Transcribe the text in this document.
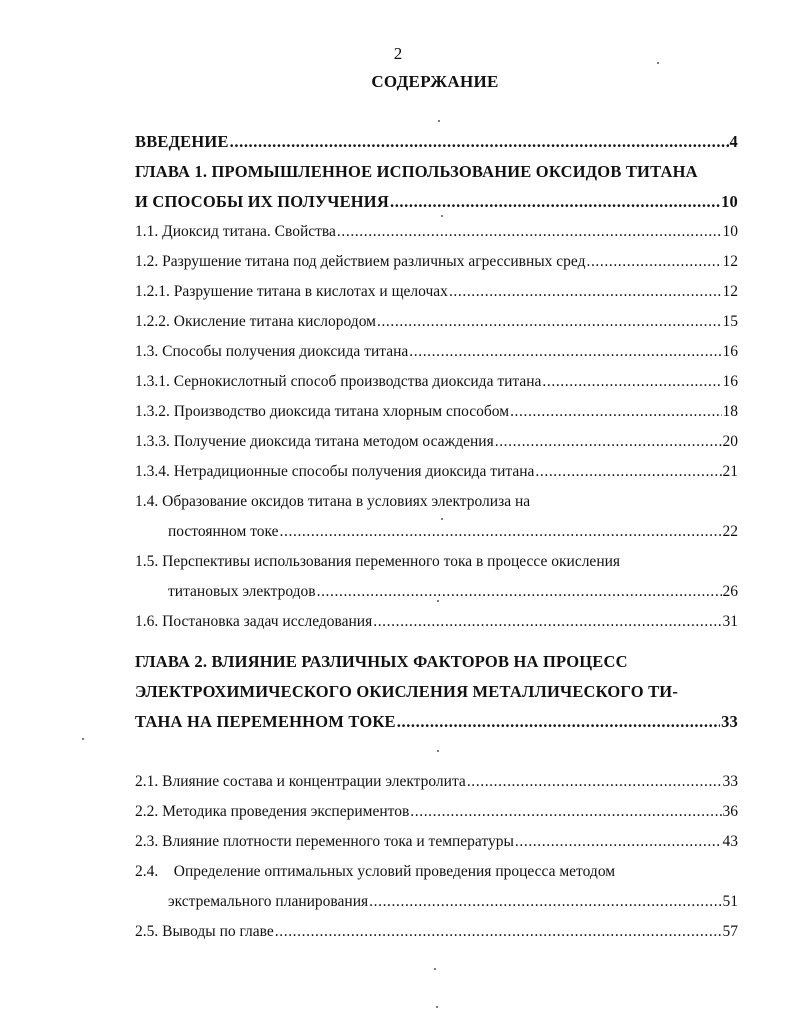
2
СОДЕРЖАНИЕ
ВВЕДЕНИЕ .....	4
ГЛАВА 1. ПРОМЫШЛЕННОЕ ИСПОЛЬЗОВАНИЕ ОКСИДОВ ТИТАНА
И СПОСОБЫ ИХ ПОЛУЧЕНИЯ .....	10
1.1. Диоксид титана. Свойства .....	10
1.2. Разрушение титана под действием различных агрессивных сред .....	12
1.2.1. Разрушение титана в кислотах и щелочах .....	12
1.2.2. Окисление титана кислородом .....	15
1.3. Способы получения диоксида титана .....	16
1.3.1. Сернокислотный способ производства диоксида титана .....	16
1.3.2. Производство диоксида титана хлорным способом .....	18
1.3.3. Получение диоксида титана методом осаждения .....	20
1.3.4. Нетрадиционные способы получения диоксида титана .....	21
1.4. Образование оксидов титана в условиях электролиза на
постоянном токе .....	22
1.5. Перспективы использования переменного тока в процессе окисления
титановых электродов .....	26
1.6. Постановка задач исследования .....	31
ГЛАВА 2. ВЛИЯНИЕ РАЗЛИЧНЫХ ФАКТОРОВ НА ПРОЦЕСС
ЭЛЕКТРОХИМИЧЕСКОГО ОКИСЛЕНИЯ МЕТАЛЛИЧЕСКОГО ТИ-
ТАНА НА ПЕРЕМЕННОМ ТОКЕ .....	33
2.1. Влияние состава и концентрации электролита .....	33
2.2. Методика проведения экспериментов .....	36
2.3. Влияние плотности переменного тока и температуры .....	43
2.4.    Определение оптимальных условий проведения процесса методом
экстремального планирования .....	51
2.5. Выводы по главе .....	57
